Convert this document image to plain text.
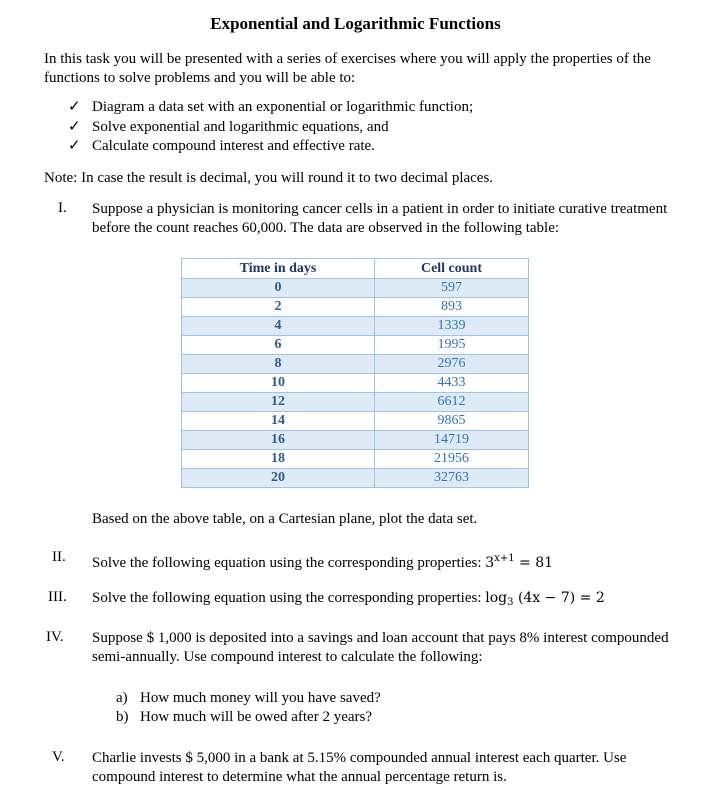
Exponential and Logarithmic Functions
In this task you will be presented with a series of exercises where you will apply the properties of the functions to solve problems and you will be able to:
✓ Diagram a data set with an exponential or logarithmic function;
✓ Solve exponential and logarithmic equations, and
✓ Calculate compound interest and effective rate.
Note: In case the result is decimal, you will round it to two decimal places.
I.	Suppose a physician is monitoring cancer cells in a patient in order to initiate curative treatment before the count reaches 60,000. The data are observed in the following table:
Time in days	Cell count
0	597
2	893
4	1339
6	1995
8	2976
10	4433
12	6612
14	9865
16	14719
18	21956
20	32763
Based on the above table, on a Cartesian plane, plot the data set.
II.	Solve the following equation using the corresponding properties: $3^{x+1} = 81$
III.	Solve the following equation using the corresponding properties: $\log_3 (4x - 7) = 2$
IV.	Suppose $ 1,000 is deposited into a savings and loan account that pays 8% interest compounded semi-annually. Use compound interest to calculate the following:
a) How much money will you have saved?
b) How much will be owed after 2 years?
V.	Charlie invests $ 5,000 in a bank at 5.15% compounded annual interest each quarter. Use compound interest to determine what the annual percentage return is.
